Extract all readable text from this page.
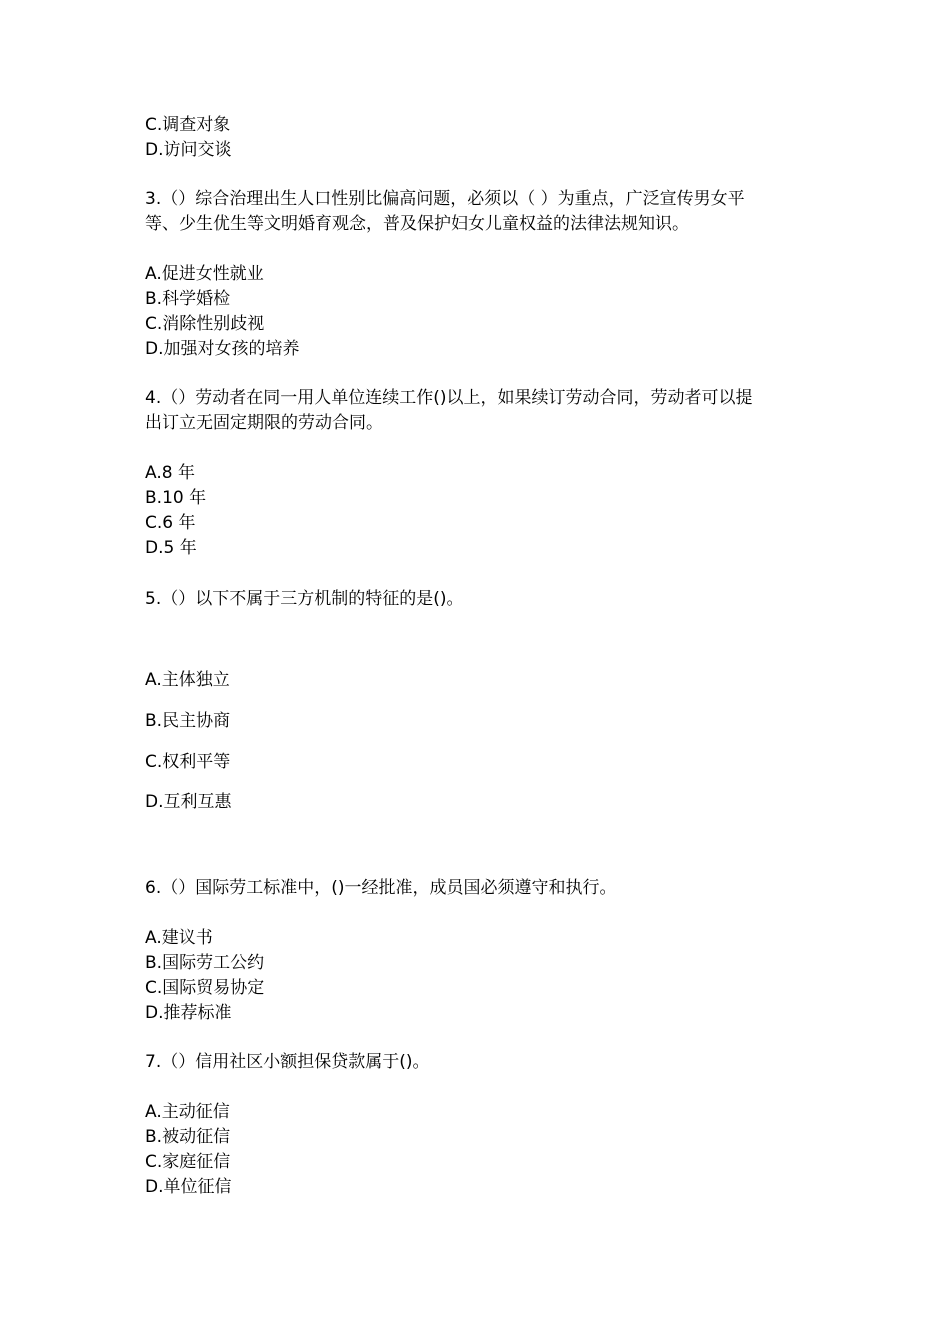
C.调查对象
D.访问交谈
3.（）综合治理出生人口性别比偏高问题，必须以（ ）为重点，广泛宣传男女平
等、少生优生等文明婚育观念，普及保护妇女儿童权益的法律法规知识。
A.促进女性就业
B.科学婚检
C.消除性别歧视
D.加强对女孩的培养
4.（）劳动者在同一用人单位连续工作()以上，如果续订劳动合同，劳动者可以提
出订立无固定期限的劳动合同。
A.8 年
B.10 年
C.6 年
D.5 年
5.（）以下不属于三方机制的特征的是()。
A.主体独立
B.民主协商
C.权利平等
D.互利互惠
6.（）国际劳工标准中，()一经批准，成员国必须遵守和执行。
A.建议书
B.国际劳工公约
C.国际贸易协定
D.推荐标准
7.（）信用社区小额担保贷款属于()。
A.主动征信
B.被动征信
C.家庭征信
D.单位征信
